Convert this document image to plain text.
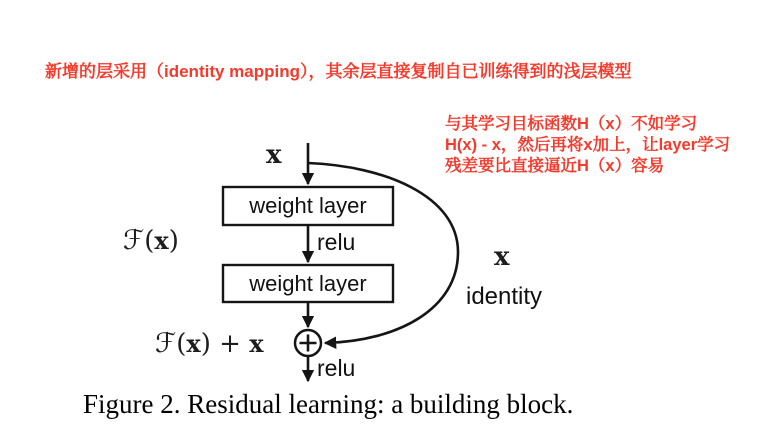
新增的层采用（identity mapping），其余层直接复制自已训练得到的浅层模型
与其学习目标函数H（x）不如学习
H(x) - x，然后再将x加上，让layer学习
残差要比直接逼近H（x）容易
x
weight layer
relu
ℱ(x)
weight layer
x
identity
ℱ(x) + x
relu
Figure 2. Residual learning: a building block.
